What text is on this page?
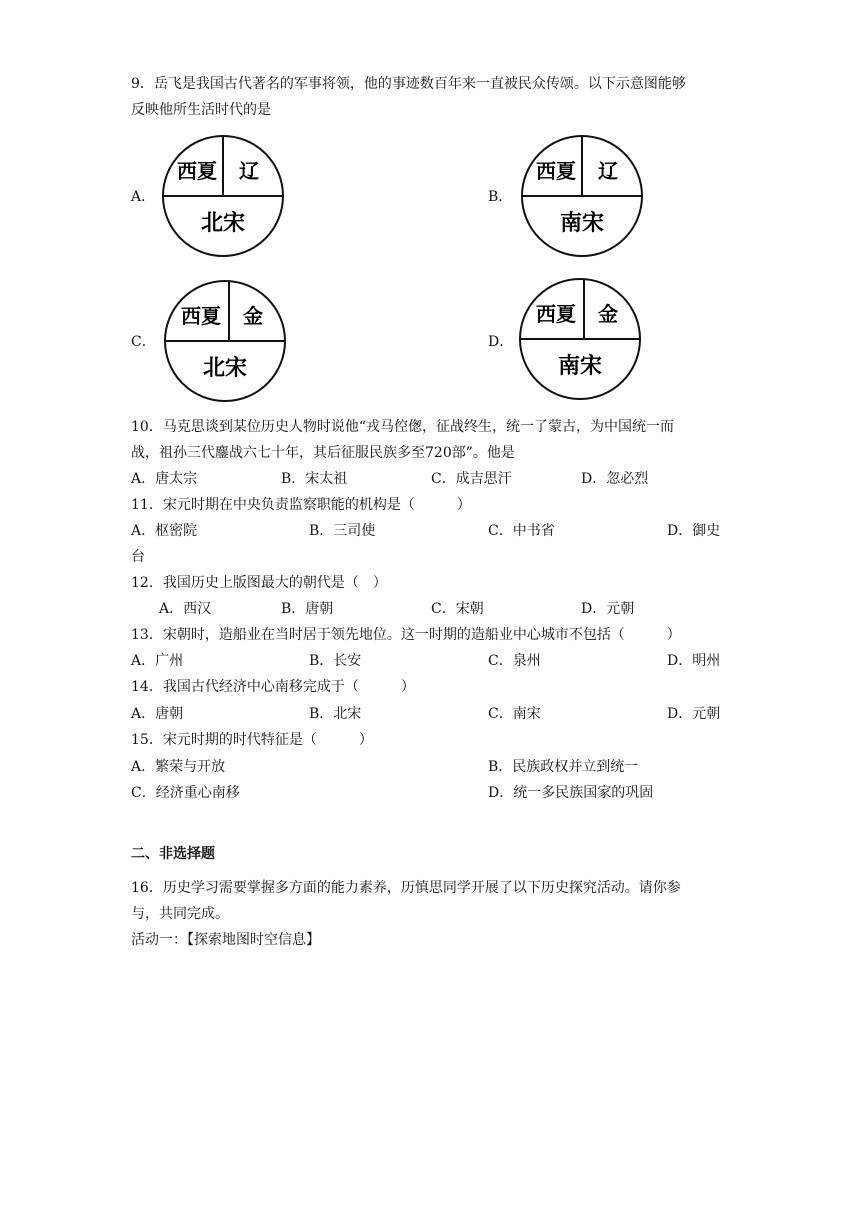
9．岳飞是我国古代著名的军事将领，他的事迹数百年来一直被民众传颂。以下示意图能够
反映他所生活时代的是
A．
西夏 辽
北宋
B．
西夏 辽
南宋
C．
西夏 金
北宋
D．
西夏 金
南宋
10．马克思谈到某位历史人物时说他“戎马倥偬，征战终生，统一了蒙古，为中国统一而
战，祖孙三代鏖战六七十年，其后征服民族多至720部”。他是
A．唐太宗	B．宋太祖	C．成吉思汗	D．忽必烈
11．宋元时期在中央负责监察职能的机构是（　　　）
A．枢密院	B．三司使	C．中书省	D．御史
台
12．我国历史上版图最大的朝代是（　）
A．西汉	B．唐朝	C．宋朝	D．元朝
13．宋朝时，造船业在当时居于领先地位。这一时期的造船业中心城市不包括（　　　）
A．广州	B．长安	C．泉州	D．明州
14．我国古代经济中心南移完成于（　　　）
A．唐朝	B．北宋	C．南宋	D．元朝
15．宋元时期的时代特征是（　　　）
A．繁荣与开放	B．民族政权并立到统一
C．经济重心南移	D．统一多民族国家的巩固
二、非选择题
16．历史学习需要掌握多方面的能力素养，历慎思同学开展了以下历史探究活动。请你参
与，共同完成。
活动一：【探索地图时空信息】
